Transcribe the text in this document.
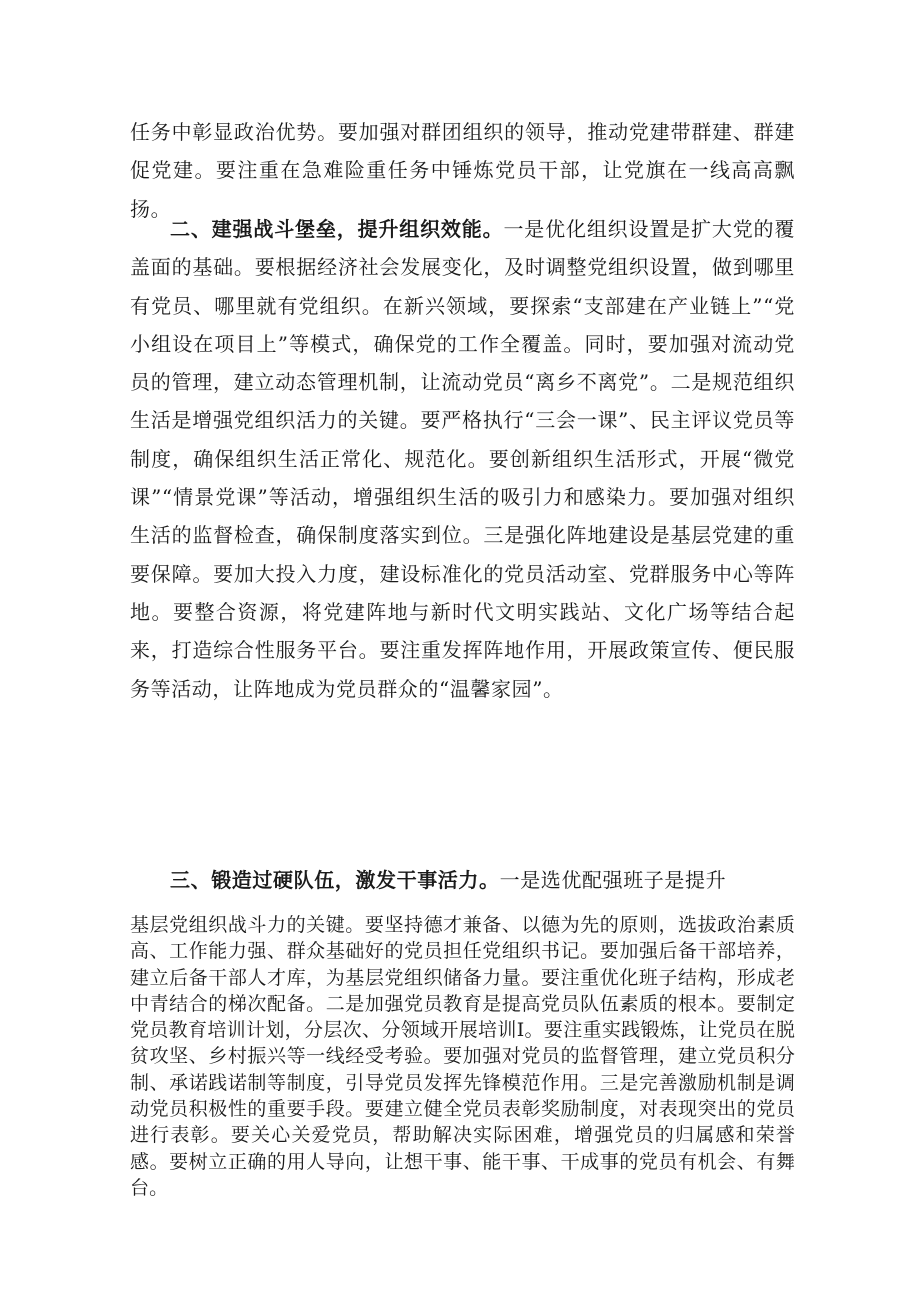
任务中彰显政治优势。要加强对群团组织的领导，推动党建带群建、群建促党建。要注重在急难险重任务中锤炼党员干部，让党旗在一线高高飘扬。

二、建强战斗堡垒，提升组织效能。一是优化组织设置是扩大党的覆盖面的基础。要根据经济社会发展变化，及时调整党组织设置，做到哪里有党员、哪里就有党组织。在新兴领域，要探索“支部建在产业链上”“党小组设在项目上”等模式，确保党的工作全覆盖。同时，要加强对流动党员的管理，建立动态管理机制，让流动党员“离乡不离党”。二是规范组织生活是增强党组织活力的关键。要严格执行“三会一课”、民主评议党员等制度，确保组织生活正常化、规范化。要创新组织生活形式，开展“微党课”“情景党课”等活动，增强组织生活的吸引力和感染力。要加强对组织生活的监督检查，确保制度落实到位。三是强化阵地建设是基层党建的重要保障。要加大投入力度，建设标准化的党员活动室、党群服务中心等阵地。要整合资源，将党建阵地与新时代文明实践站、文化广场等结合起来，打造综合性服务平台。要注重发挥阵地作用，开展政策宣传、便民服务等活动，让阵地成为党员群众的“温馨家园”。

三、锻造过硬队伍，激发干事活力。一是选优配强班子是提升

基层党组织战斗力的关键。要坚持德才兼备、以德为先的原则，选拔政治素质高、工作能力强、群众基础好的党员担任党组织书记。要加强后备干部培养，建立后备干部人才库，为基层党组织储备力量。要注重优化班子结构，形成老中青结合的梯次配备。二是加强党员教育是提高党员队伍素质的根本。要制定党员教育培训计划，分层次、分领域开展培训I。要注重实践锻炼，让党员在脱贫攻坚、乡村振兴等一线经受考验。要加强对党员的监督管理，建立党员积分制、承诺践诺制等制度，引导党员发挥先锋模范作用。三是完善激励机制是调动党员积极性的重要手段。要建立健全党员表彰奖励制度，对表现突出的党员进行表彰。要关心关爱党员，帮助解决实际困难，增强党员的归属感和荣誉感。要树立正确的用人导向，让想干事、能干事、干成事的党员有机会、有舞台。
